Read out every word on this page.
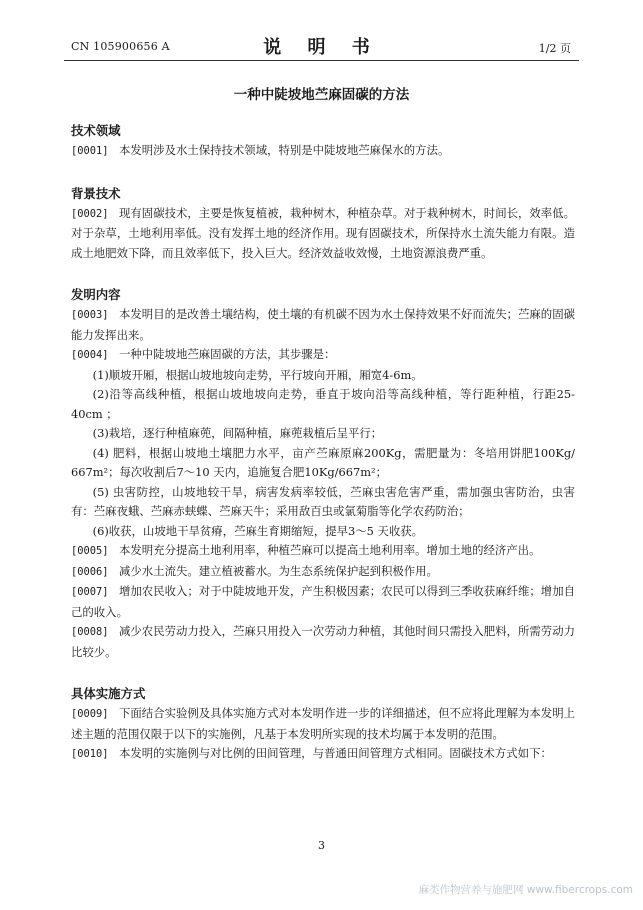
CN 105900656 A	说 明 书	1/2 页
一种中陡坡地苎麻固碳的方法
技术领域

[0001] 本发明涉及水土保持技术领域，特别是中陡坡地苎麻保水的方法。

背景技术

[0002] 现有固碳技术，主要是恢复植被，栽种树木，种植杂草。对于栽种树木，时间长，效率低。对于杂草，土地利用率低。没有发挥土地的经济作用。现有固碳技术，所保持水土流失能力有限。造成土地肥效下降，而且效率低下，投入巨大。经济效益收效慢，土地资源浪费严重。

发明内容

[0003] 本发明目的是改善土壤结构，使土壤的有机碳不因为水土保持效果不好而流失；苎麻的固碳能力发挥出来。

[0004] 一种中陡坡地苎麻固碳的方法，其步骤是：

(1)顺坡开厢，根据山坡地坡向走势，平行坡向开厢，厢宽4-6m。

(2)沿等高线种植，根据山坡地坡向走势，垂直于坡向沿等高线种植，等行距种植，行距25-40cm ；

(3)栽培，逐行种植麻蔸，间隔种植，麻蔸栽植后呈平行；

(4) 肥料，根据山坡地土壤肥力水平，亩产苎麻原麻200Kg，需肥量为：冬培用饼肥100Kg/ 667m²；每次收割后7～10 天内，追施复合肥10Kg/667m²；

(5) 虫害防控，山坡地较干旱，病害发病率较低，苎麻虫害危害严重，需加强虫害防治，虫害有：苎麻夜蛾、苎麻赤蛱蝶、苎麻天牛；采用敌百虫或氯菊脂等化学农药防治；

(6)收获，山坡地干旱贫瘠，苎麻生育期缩短，提早3～5 天收获。

[0005] 本发明充分提高土地利用率，种植苎麻可以提高土地利用率。增加土地的经济产出。

[0006] 减少水土流失。建立植被蓄水。为生态系统保护起到积极作用。

[0007] 增加农民收入；对于中陡坡地开发，产生积极因素；农民可以得到三季收获麻纤维；增加自己的收入。

[0008] 减少农民劳动力投入，苎麻只用投入一次劳动力种植，其他时间只需投入肥料，所需劳动力比较少。

具体实施方式

[0009] 下面结合实验例及具体实施方式对本发明作进一步的详细描述，但不应将此理解为本发明上述主题的范围仅限于以下的实施例，凡基于本发明所实现的技术均属于本发明的范围。

[0010] 本发明的实施例与对比例的田间管理，与普通田间管理方式相同。固碳技术方式如下：

3
麻类作物营养与施肥网 www.fibercrops.com
